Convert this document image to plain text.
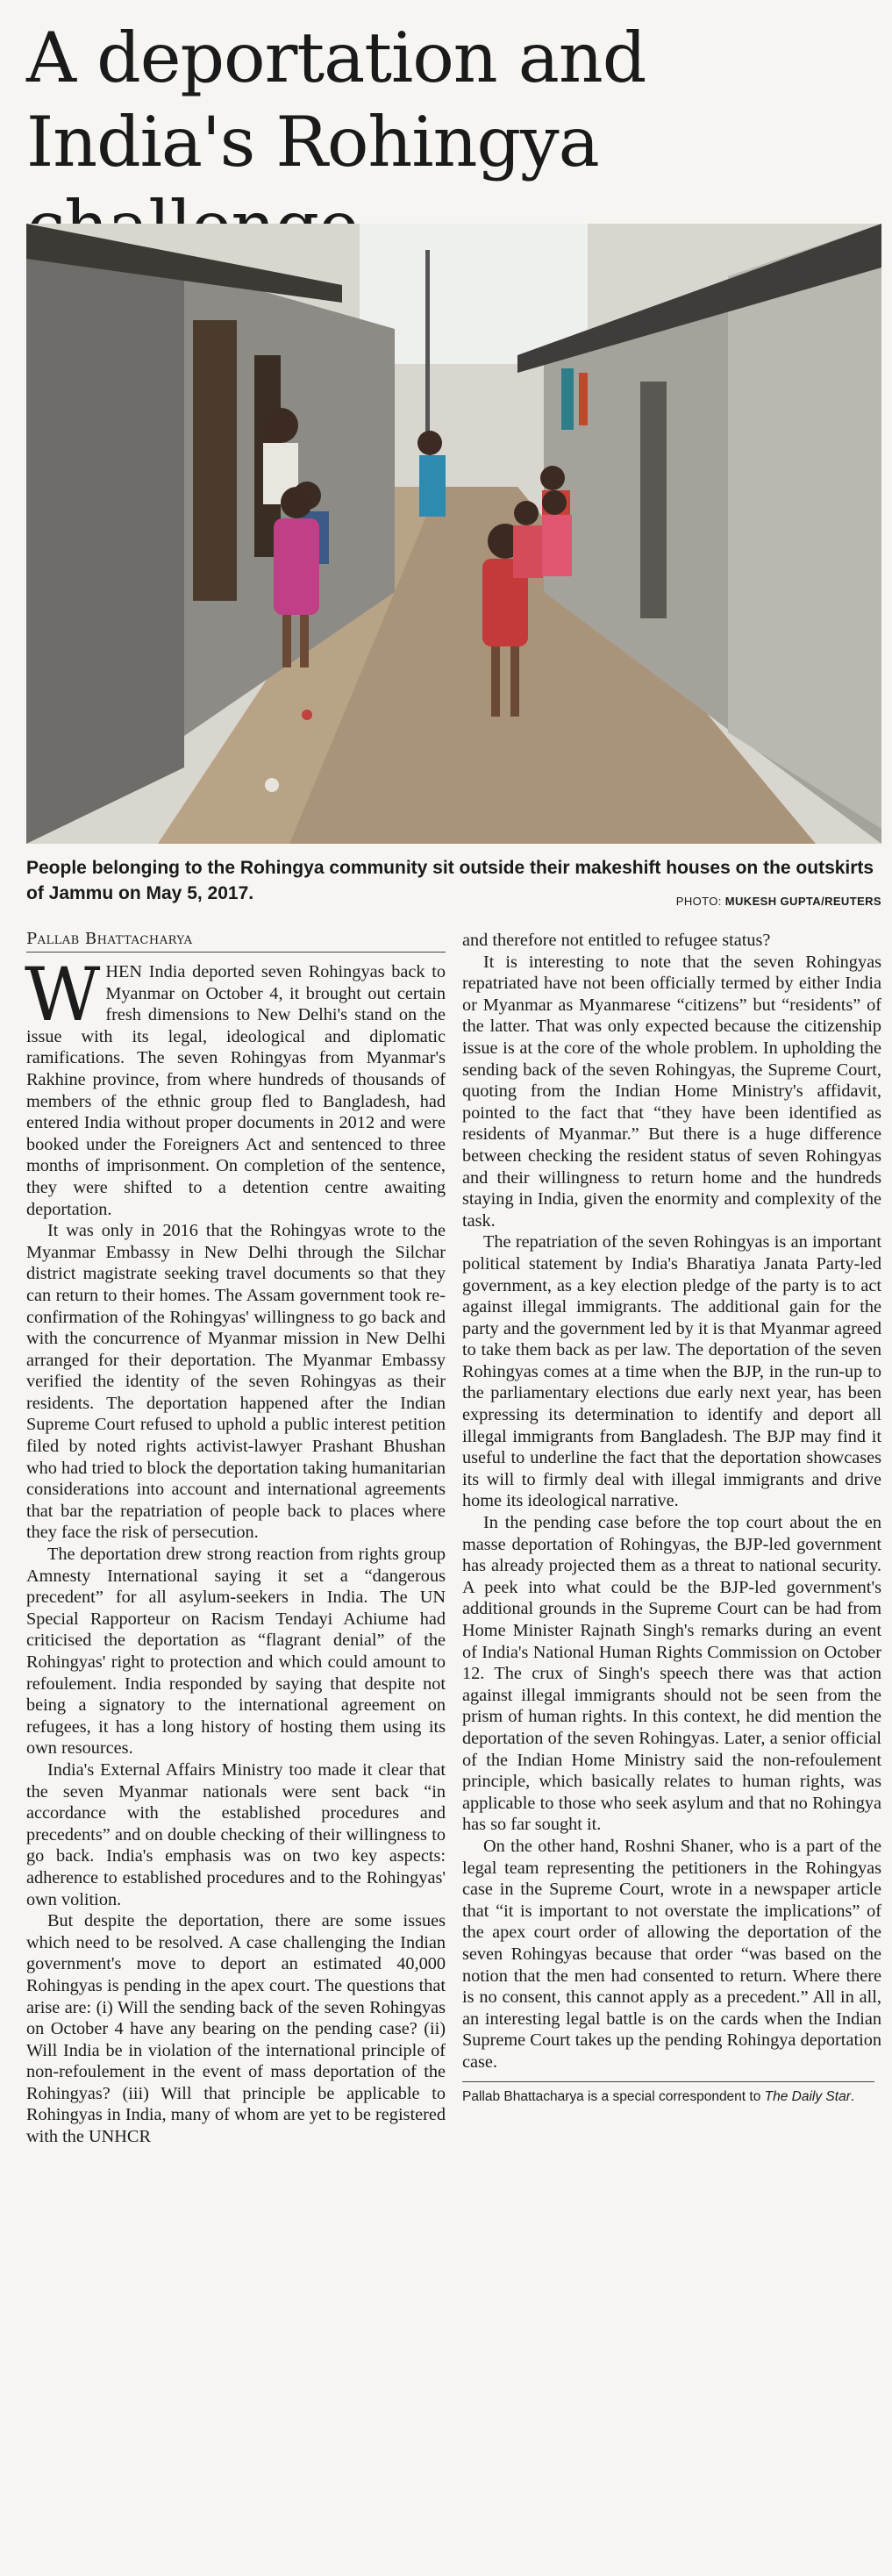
A deportation and India's Rohingya
People belonging to the Rohingya community sit outside their makeshift houses on the outskirts of Jammu on May 5, 2017.	PHOTO: MUKESH GUPTA/REUTERS
Pallab Bhattacharya

WHEN India deported seven Rohingyas back to Myanmar on October 4, it brought out certain fresh dimensions to New Delhi's stand on the issue with its legal, ideological and diplomatic ramifications. The seven Rohingyas from Myanmar's Rakhine province, from where hundreds of thousands of members of the ethnic group fled to Bangladesh, had entered India without proper documents in 2012 and were booked under the Foreigners Act and sentenced to three months of imprisonment. On completion of the sentence, they were shifted to a detention centre awaiting deportation.

It was only in 2016 that the Rohingyas wrote to the Myanmar Embassy in New Delhi through the Silchar district magistrate seeking travel documents so that they can return to their homes. The Assam government took re-confirmation of the Rohingyas' willingness to go back and with the concurrence of Myanmar mission in New Delhi arranged for their deportation. The Myanmar Embassy verified the identity of the seven Rohingyas as their residents. The deportation happened after the Indian Supreme Court refused to uphold a public interest petition filed by noted rights activist-lawyer Prashant Bhushan who had tried to block the deportation taking humanitarian considerations into account and international agreements that bar the repatriation of people back to places where they face the risk of persecution.

The deportation drew strong reaction from rights group Amnesty International saying it set a “dangerous precedent” for all asylum-seekers in India. The UN Special Rapporteur on Racism Tendayi Achiume had criticised the deportation as “flagrant denial” of the Rohingyas' right to protection and which could amount to refoulement. India responded by saying that despite not being a signatory to the international agreement on refugees, it has a long history of hosting them using its own resources.

India's External Affairs Ministry too made it clear that the seven Myanmar nationals were sent back “in accordance with the established procedures and precedents” and on double checking of their willingness to go back. India's emphasis was on two key aspects: adherence to established procedures and to the Rohingyas' own volition.

But despite the deportation, there are some issues which need to be resolved. A case challenging the Indian government's move to deport an estimated 40,000 Rohingyas is pending in the apex court. The questions that arise are: (i) Will the sending back of the seven Rohingyas on October 4 have any bearing on the pending case? (ii) Will India be in violation of the international principle of non-refoulement in the event of mass deportation of the Rohingyas? (iii) Will that principle be applicable to Rohingyas in India, many of whom are yet to be registered with the UNHCR

and therefore not entitled to refugee status?

It is interesting to note that the seven Rohingyas repatriated have not been officially termed by either India or Myanmar as Myanmarese “citizens” but “residents” of the latter. That was only expected because the citizenship issue is at the core of the whole problem. In upholding the sending back of the seven Rohingyas, the Supreme Court, quoting from the Indian Home Ministry's affidavit, pointed to the fact that “they have been identified as residents of Myanmar.” But there is a huge difference between checking the resident status of seven Rohingyas and their willingness to return home and the hundreds staying in India, given the enormity and complexity of the task.

The repatriation of the seven Rohingyas is an important political statement by India's Bharatiya Janata Party-led government, as a key election pledge of the party is to act against illegal immigrants. The additional gain for the party and the government led by it is that Myanmar agreed to take them back as per law. The deportation of the seven Rohingyas comes at a time when the BJP, in the run-up to the parliamentary elections due early next year, has been expressing its determination to identify and deport all illegal immigrants from Bangladesh. The BJP may find it useful to underline the fact that the deportation showcases its will to firmly deal with illegal immigrants and drive home its ideological narrative.

In the pending case before the top court about the en masse deportation of Rohingyas, the BJP-led government has already projected them as a threat to national security. A peek into what could be the BJP-led government's additional grounds in the Supreme Court can be had from Home Minister Rajnath Singh's remarks during an event of India's National Human Rights Commission on October 12. The crux of Singh's speech there was that action against illegal immigrants should not be seen from the prism of human rights. In this context, he did mention the deportation of the seven Rohingyas. Later, a senior official of the Indian Home Ministry said the non-refoulement principle, which basically relates to human rights, was applicable to those who seek asylum and that no Rohingya has so far sought it.

On the other hand, Roshni Shaner, who is a part of the legal team representing the petitioners in the Rohingyas case in the Supreme Court, wrote in a newspaper article that “it is important to not overstate the implications” of the apex court order of allowing the deportation of the seven Rohingyas because that order “was based on the notion that the men had consented to return. Where there is no consent, this cannot apply as a precedent.” All in all, an interesting legal battle is on the cards when the Indian Supreme Court takes up the pending Rohingya deportation case.

Pallab Bhattacharya is a special correspondent to The Daily Star.
